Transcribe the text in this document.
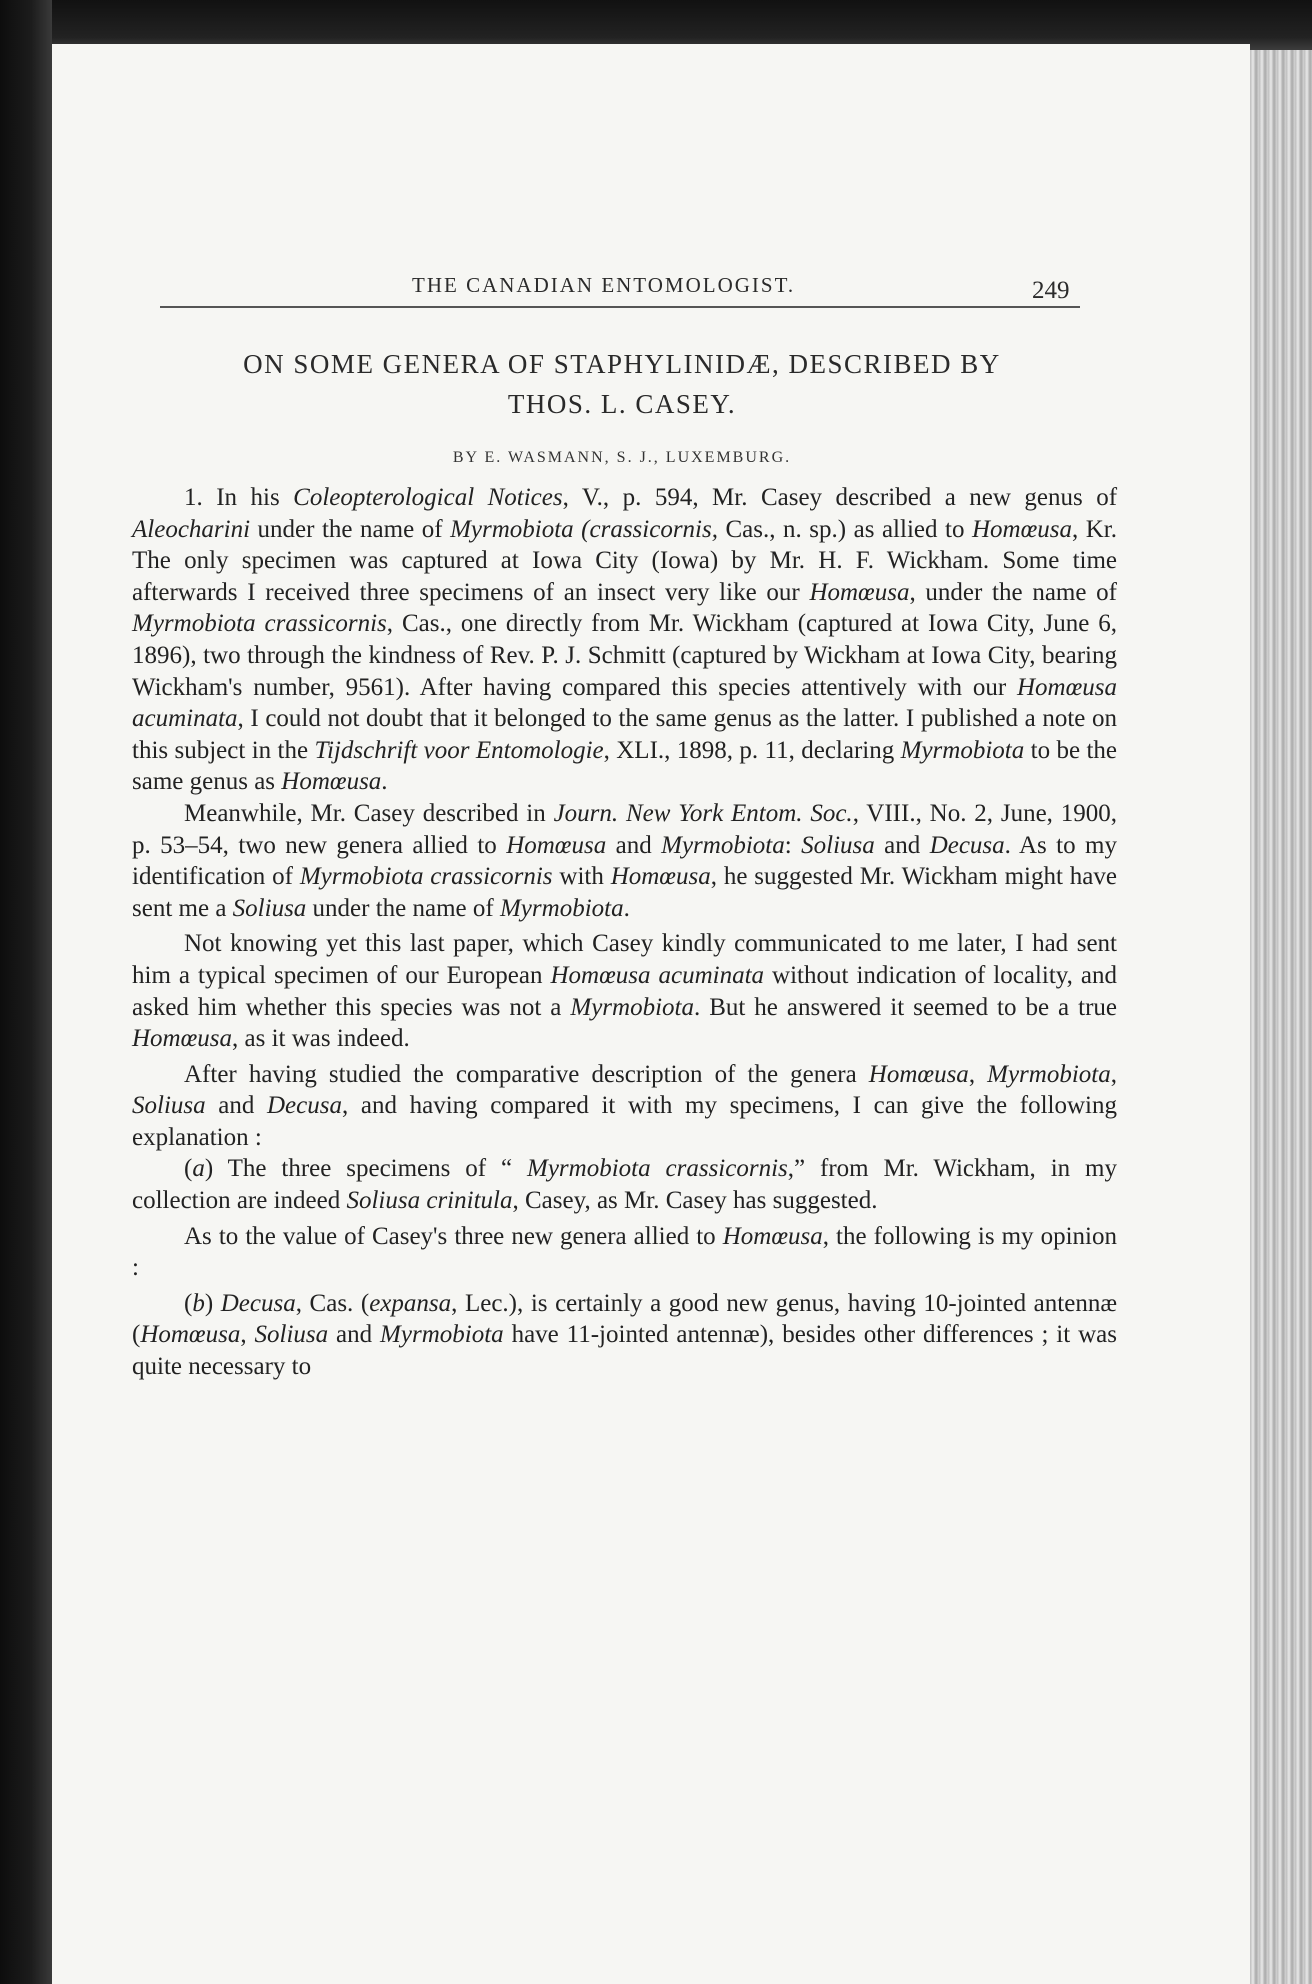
THE CANADIAN ENTOMOLOGIST.	249
ON SOME GENERA OF STAPHYLINIDÆ, DESCRIBED BY
THOS. L. CASEY.
BY E. WASMANN, S. J., LUXEMBURG.

1. In his Coleopterological Notices, V., p. 594, Mr. Casey described a new genus of Aleocharini under the name of Myrmobiota (crassicornis, Cas., n. sp.) as allied to Homœusa, Kr. The only specimen was captured at Iowa City (Iowa) by Mr. H. F. Wickham. Some time afterwards I received three specimens of an insect very like our Homœusa, under the name of Myrmobiota crassicornis, Cas., one directly from Mr. Wickham (captured at Iowa City, June 6, 1896), two through the kindness of Rev. P. J. Schmitt (captured by Wickham at Iowa City, bearing Wickham's number, 9561). After having compared this species attentively with our Homœusa acuminata, I could not doubt that it belonged to the same genus as the latter. I published a note on this subject in the Tijdschrift voor Entomologie, XLI., 1898, p. 11, declaring Myrmobiota to be the same genus as Homœusa.

Meanwhile, Mr. Casey described in Journ. New York Entom. Soc., VIII., No. 2, June, 1900, p. 53–54, two new genera allied to Homœusa and Myrmobiota: Soliusa and Decusa. As to my identification of Myrmobiota crassicornis with Homœusa, he suggested Mr. Wickham might have sent me a Soliusa under the name of Myrmobiota.

Not knowing yet this last paper, which Casey kindly communicated to me later, I had sent him a typical specimen of our European Homœusa acuminata without indication of locality, and asked him whether this species was not a Myrmobiota. But he answered it seemed to be a true Homœusa, as it was indeed.

After having studied the comparative description of the genera Homœusa, Myrmobiota, Soliusa and Decusa, and having compared it with my specimens, I can give the following explanation :

(a) The three specimens of “ Myrmobiota crassicornis,” from Mr. Wickham, in my collection are indeed Soliusa crinitula, Casey, as Mr. Casey has suggested.

As to the value of Casey's three new genera allied to Homœusa, the following is my opinion :

(b) Decusa, Cas. (expansa, Lec.), is certainly a good new genus, having 10-jointed antennæ (Homœusa, Soliusa and Myrmobiota have 11-jointed antennæ), besides other differences ; it was quite necessary to
